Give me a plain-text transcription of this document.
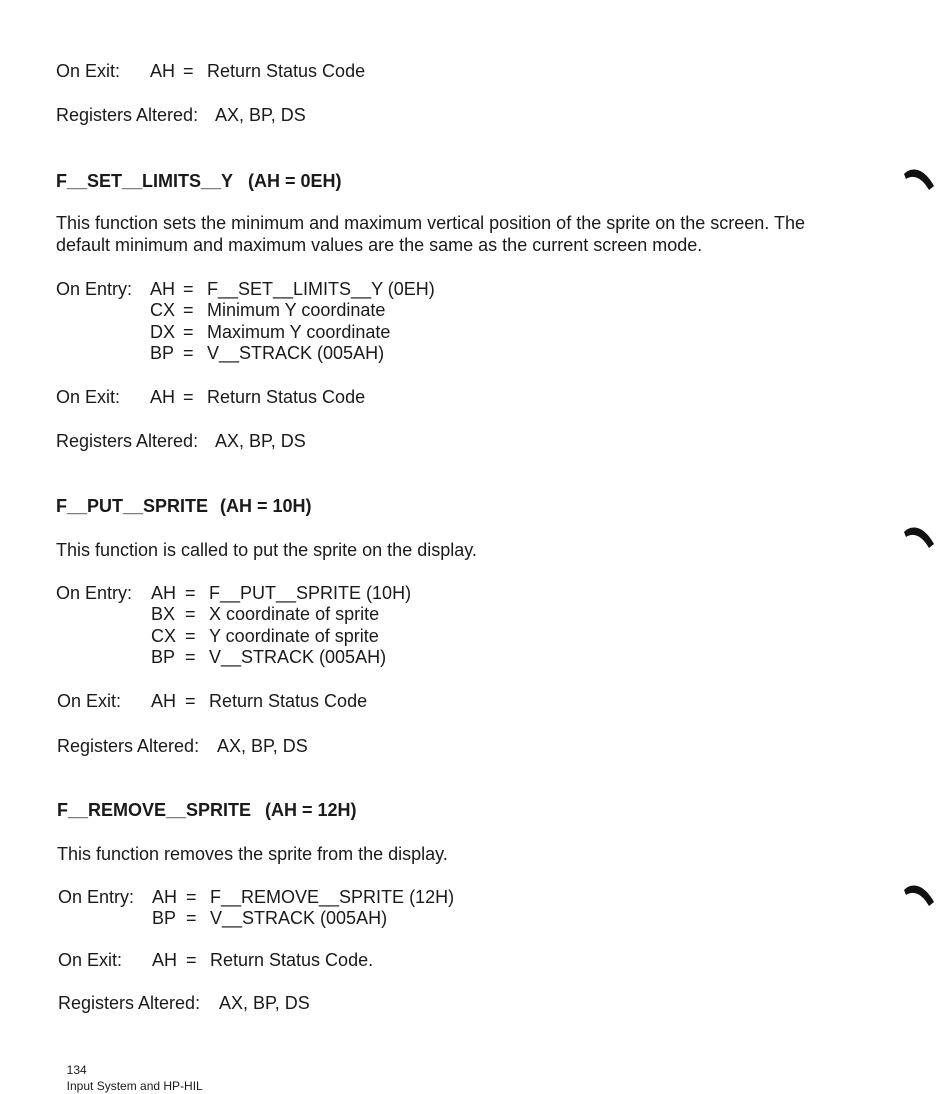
On Exit: AH = Return Status Code
Registers Altered: AX, BP, DS
F__SET__LIMITS__Y (AH = 0EH)
This function sets the minimum and maximum vertical position of the sprite on the screen. The default minimum and maximum values are the same as the current screen mode.
On Entry: AH = F__SET__LIMITS__Y (0EH)
CX = Minimum Y coordinate
DX = Maximum Y coordinate
BP = V__STRACK (005AH)
On Exit: AH = Return Status Code
Registers Altered: AX, BP, DS
F__PUT__SPRITE (AH = 10H)
This function is called to put the sprite on the display.
On Entry: AH = F__PUT__SPRITE (10H)
BX = X coordinate of sprite
CX = Y coordinate of sprite
BP = V__STRACK (005AH)
On Exit: AH = Return Status Code
Registers Altered: AX, BP, DS
F__REMOVE__SPRITE (AH = 12H)
This function removes the sprite from the display.
On Entry: AH = F__REMOVE__SPRITE (12H)
BP = V__STRACK (005AH)
On Exit: AH = Return Status Code.
Registers Altered: AX, BP, DS

134
Input System and HP-HIL
